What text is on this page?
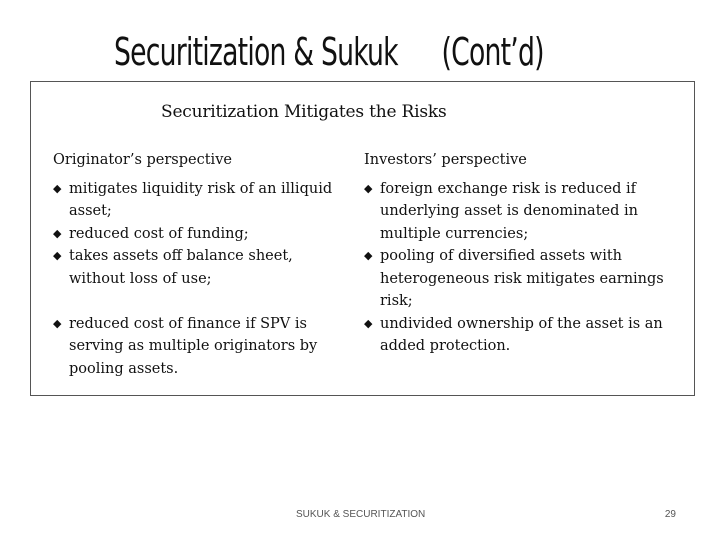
Securitization & Sukuk (Cont’d)
Securitization Mitigates the Risks
Originator’s perspective
◆ mitigates liquidity risk of an illiquid asset;
◆ reduced cost of funding;
◆ takes assets off balance sheet, without loss of use;
◆ reduced cost of finance if SPV is serving as multiple originators by pooling assets.
Investors’ perspective
◆ foreign exchange risk is reduced if underlying asset is denominated in multiple currencies;
◆ pooling of diversified assets with heterogeneous risk mitigates earnings risk;
◆ undivided ownership of the asset is an added protection.
SUKUK & SECURITIZATION	29
